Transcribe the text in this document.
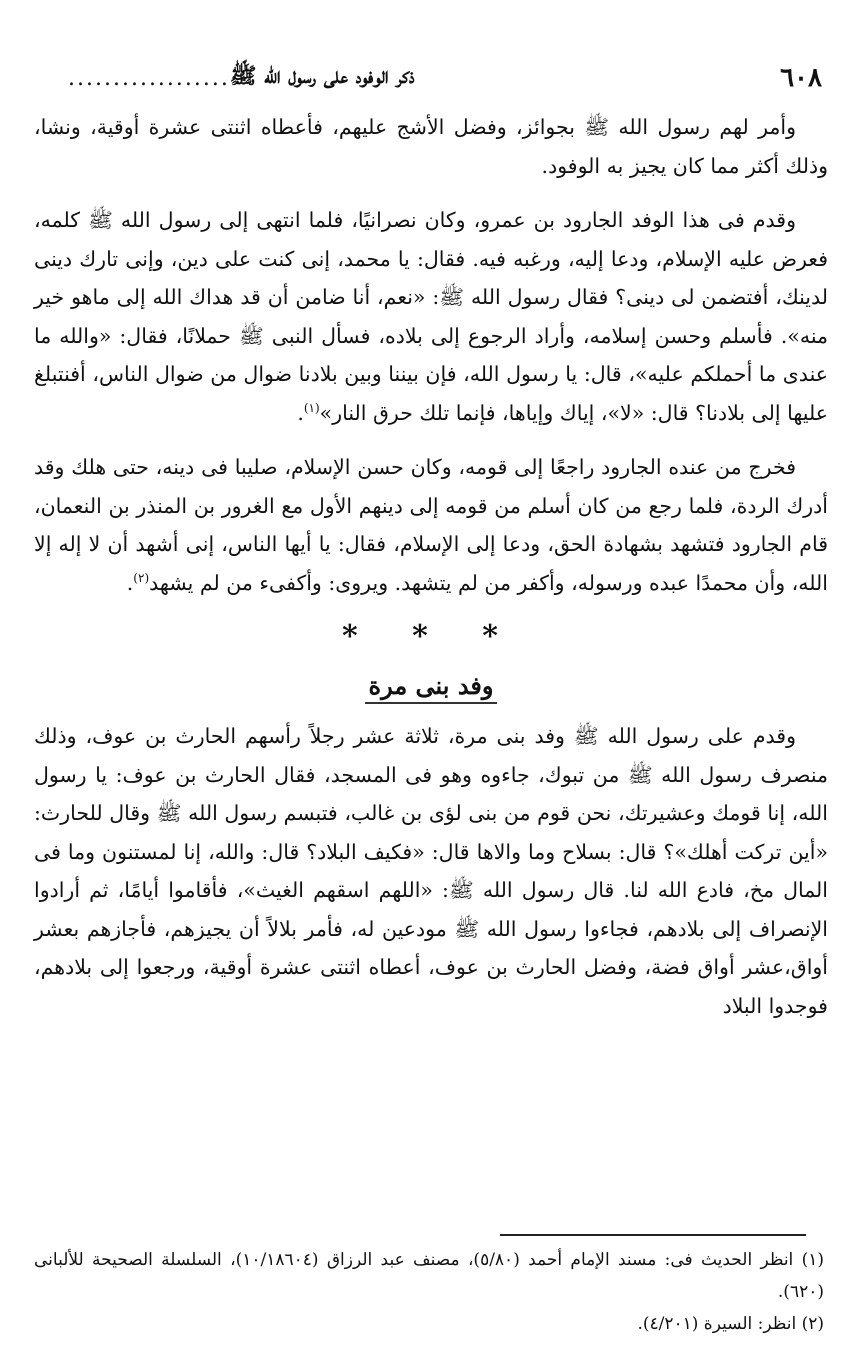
٦٠٨
ذكر الوفود على رسول الله ﷺ
..................

وأمر لهم رسول الله ﷺ بجوائز، وفضل الأشج عليهم، فأعطاه اثنتى عشرة أوقية، ونشا، وذلك أكثر مما كان يجيز به الوفود.

وقدم فى هذا الوفد الجارود بن عمرو، وكان نصرانيًا، فلما انتهى إلى رسول الله ﷺ كلمه، فعرض عليه الإسلام، ودعا إليه، ورغبه فيه. فقال: يا محمد، إنى كنت على دين، وإنى تارك دينى لدينك، أفتضمن لى دينى؟ فقال رسول الله ﷺ: «نعم، أنا ضامن أن قد هداك الله إلى ماهو خير منه». فأسلم وحسن إسلامه، وأراد الرجوع إلى بلاده، فسأل النبى ﷺ حملانًا، فقال: «والله ما عندى ما أحملكم عليه»، قال: يا رسول الله، فإن بيننا وبين بلادنا ضوال من ضوال الناس، أفنتبلغ عليها إلى بلادنا؟ قال: «لا»، إياك وإياها، فإنما تلك حرق النار»$^{(١)}$.

فخرج من عنده الجارود راجعًا إلى قومه، وكان حسن الإسلام، صليبا فى دينه، حتى هلك وقد أدرك الردة، فلما رجع من كان أسلم من قومه إلى دينهم الأول مع الغرور بن المنذر بن النعمان، قام الجارود فتشهد بشهادة الحق، ودعا إلى الإسلام، فقال: يا أيها الناس، إنى أشهد أن لا إله إلا الله، وأن محمدًا عبده ورسوله، وأكفر من لم يتشهد. ويروى: وأكفىء من لم يشهد$^{(٢)}$.

* * *
وفد بنى مرة

وقدم على رسول الله ﷺ وفد بنى مرة، ثلاثة عشر رجلاً رأسهم الحارث بن عوف، وذلك منصرف رسول الله ﷺ من تبوك، جاءوه وهو فى المسجد، فقال الحارث بن عوف: يا رسول الله، إنا قومك وعشيرتك، نحن قوم من بنى لؤى بن غالب، فتبسم رسول الله ﷺ وقال للحارث: «أين تركت أهلك»؟ قال: بسلاح وما والاها قال: «فكيف البلاد؟ قال: والله، إنا لمستنون وما فى المال مخ، فادع الله لنا. قال رسول الله ﷺ: «اللهم اسقهم الغيث»، فأقاموا أيامًا، ثم أرادوا الإنصراف إلى بلادهم، فجاءوا رسول الله ﷺ مودعين له، فأمر بلالاً أن يجيزهم، فأجازهم بعشر أواق،عشر أواق فضة، وفضل الحارث بن عوف، أعطاه اثنتى عشرة أوقية، ورجعوا إلى بلادهم، فوجدوا البلاد

(١) انظر الحديث فى: مسند الإمام أحمد (٥/٨٠)، مصنف عبد الرزاق (١٠/١٨٦٠٤)، السلسلة الصحيحة للألبانى (٦٢٠).

(٢) انظر: السيرة (٤/٢٠١).
